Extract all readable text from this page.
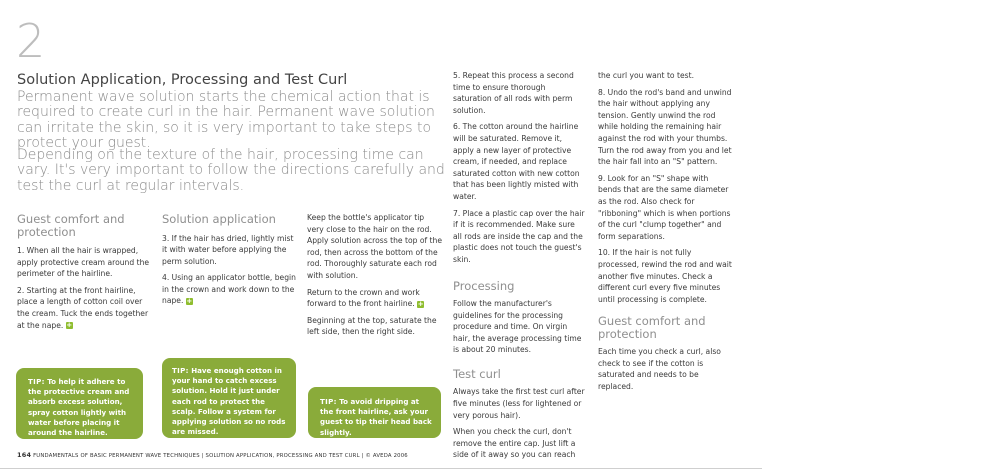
2
Solution Application, Processing and Test Curl
Permanent wave solution starts the chemical action that is required to create curl in the hair. Permanent wave solution can irritate the skin, so it is very important to take steps to protect your guest.
Depending on the texture of the hair, processing time can vary. It's very important to follow the directions carefully and test the curl at regular intervals.
Guest comfort and protection

1. When all the hair is wrapped, apply protective cream around the perimeter of the hairline.

2. Starting at the front hairline, place a length of cotton coil over the cream. Tuck the ends together at the nape. +

Solution application

3. If the hair has dried, lightly mist it with water before applying the perm solution.

4. Using an applicator bottle, begin in the crown and work down to the nape. +

Keep the bottle's applicator tip very close to the hair on the rod. Apply solution across the top of the rod, then across the bottom of the rod. Thoroughly saturate each rod with solution.

Return to the crown and work forward to the front hairline. +

Beginning at the top, saturate the left side, then the right side.

5. Repeat this process a second time to ensure thorough saturation of all rods with perm solution.

6. The cotton around the hairline will be saturated. Remove it, apply a new layer of protective cream, if needed, and replace saturated cotton with new cotton that has been lightly misted with water.

7. Place a plastic cap over the hair if it is recommended. Make sure all rods are inside the cap and the plastic does not touch the guest's skin.

Processing

Follow the manufacturer's guidelines for the processing procedure and time. On virgin hair, the average processing time is about 20 minutes.

Test curl

Always take the first test curl after five minutes (less for lightened or very porous hair).

When you check the curl, don't remove the entire cap. Just lift a side of it away so you can reach

the curl you want to test.

8. Undo the rod's band and unwind the hair without applying any tension. Gently unwind the rod while holding the remaining hair against the rod with your thumbs. Turn the rod away from you and let the hair fall into an "S" pattern.

9. Look for an "S" shape with bends that are the same diameter as the rod. Also check for "ribboning" which is when portions of the curl "clump together" and form separations.

10. If the hair is not fully processed, rewind the rod and wait another five minutes. Check a different curl every five minutes until processing is complete.

Guest comfort and protection

Each time you check a curl, also check to see if the cotton is saturated and needs to be replaced.

TIP: To help it adhere to the protective cream and absorb excess solution, spray cotton lightly with water before placing it around the hairline.
TIP: Have enough cotton in your hand to catch excess solution. Hold it just under each rod to protect the scalp. Follow a system for applying solution so no rods are missed.
TIP: To avoid dripping at the front hairline, ask your guest to tip their head back slightly.
164 FUNDAMENTALS OF BASIC PERMANENT WAVE TECHNIQUES | SOLUTION APPLICATION, PROCESSING AND TEST CURL | © AVEDA 2006
